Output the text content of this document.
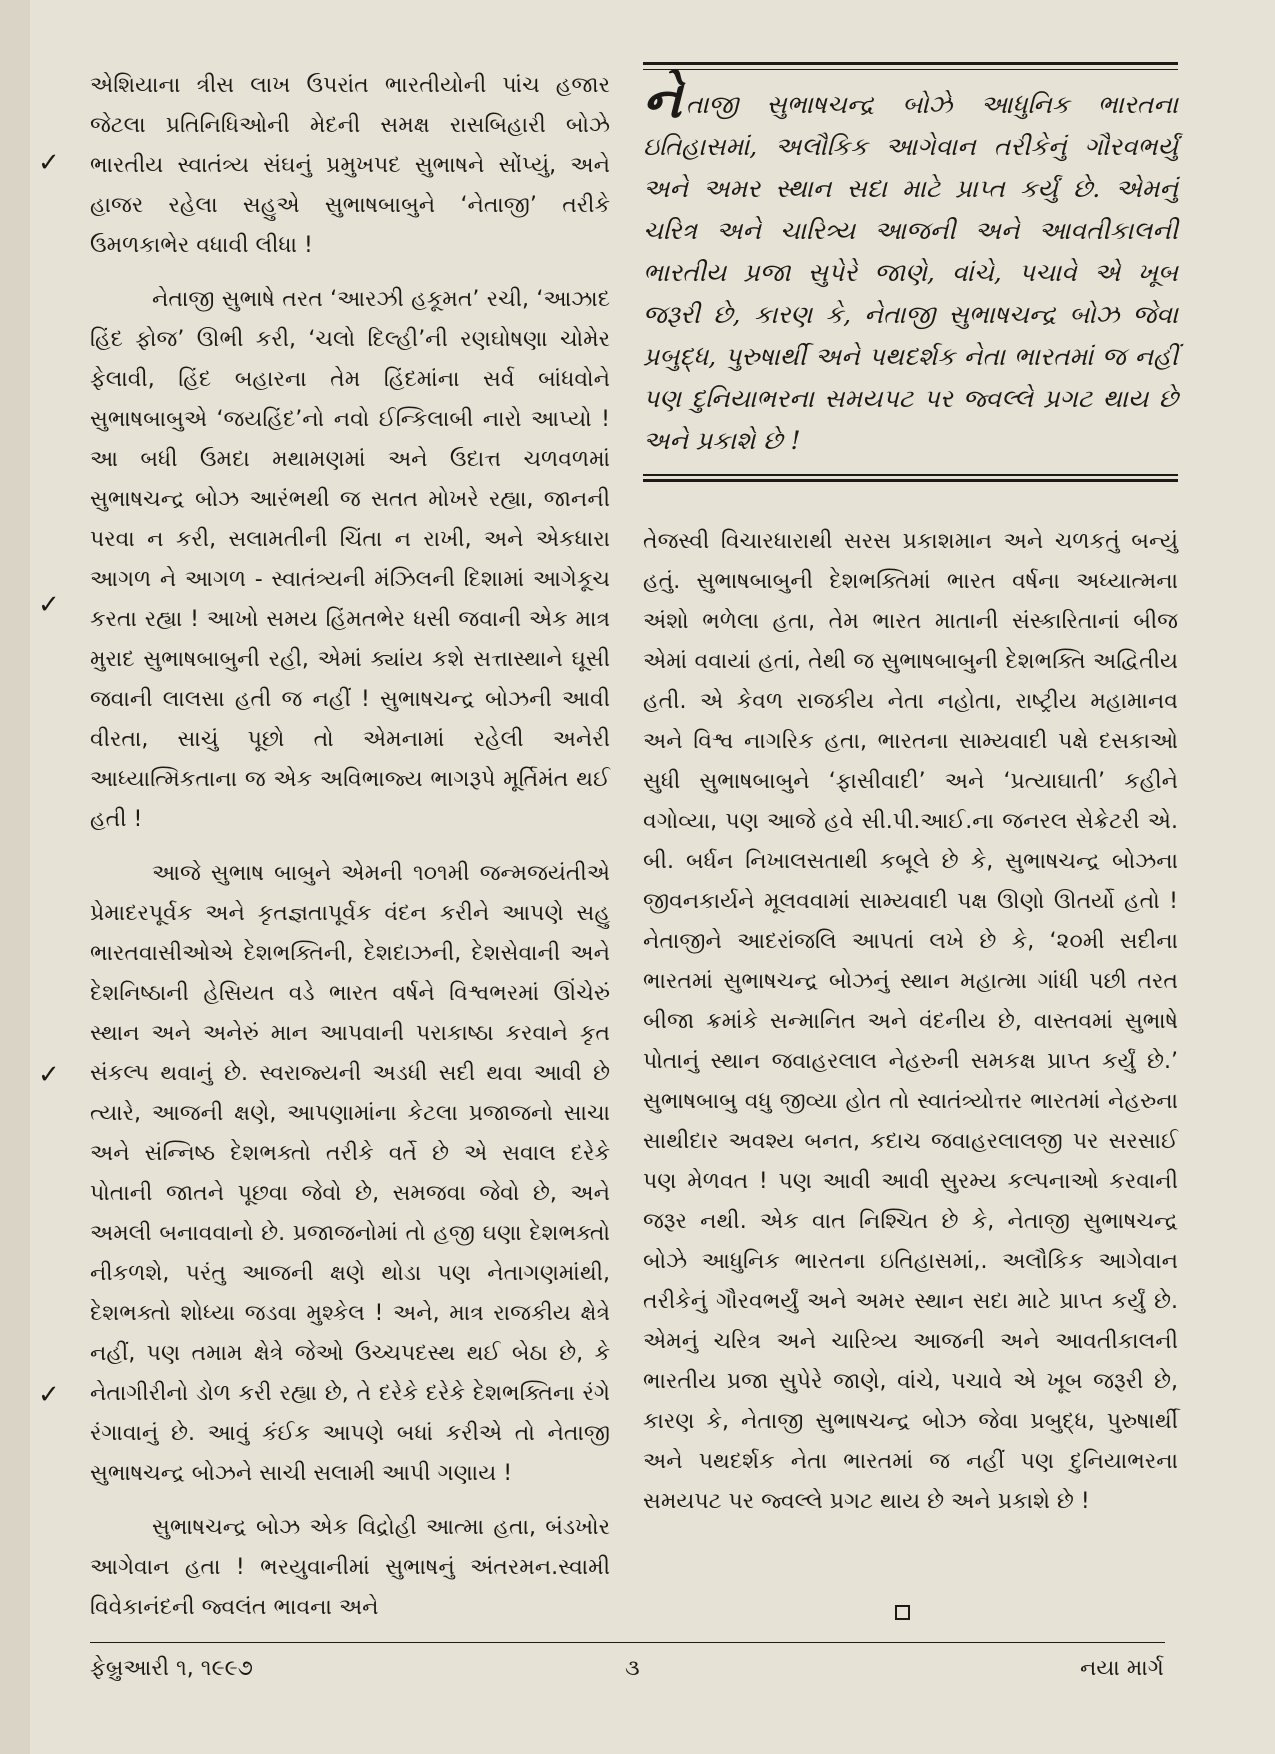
✓
✓
✓
✓

એશિયાના ત્રીસ લાખ ઉપરાંત ભારતીયોની પાંચ હજાર જેટલા પ્રતિનિધિઓની મેદની સમક્ષ રાસબિહારી બોઝે ભારતીય સ્વાતંત્ર્ય સંઘનું પ્રમુખપદ સુભાષને સોંપ્યું, અને હાજર રહેલા સહુએ સુભાષબાબુને ‘નેતાજી’ તરીકે ઉમળકાભેર વધાવી લીધા !

નેતાજી સુભાષે તરત ‘આરઝી હકૂમત’ રચી, ‘આઝાદ હિંદ ફોજ’ ઊભી કરી, ‘ચલો દિલ્હી’ની રણઘોષણા ચોમેર ફેલાવી, હિંદ બહારના તેમ હિંદમાંના સર્વ બાંધવોને સુભાષબાબુએ ‘જયહિંદ’નો નવો ઈન્કિલાબી નારો આપ્યો ! આ બધી ઉમદા મથામણમાં અને ઉદાત્ત ચળવળમાં સુભાષચન્દ્ર બોઝ આરંભથી જ સતત મોખરે રહ્યા, જાનની પરવા ન કરી, સલામતીની ચિંતા ન રાખી, અને એકધારા આગળ ને આગળ - સ્વાતંત્ર્યની મંઝિલની દિશામાં આગેકૂચ કરતા રહ્યા ! આખો સમય હિંમતભેર ધસી જવાની એક માત્ર મુરાદ સુભાષબાબુની રહી, એમાં ક્યાંય કશે સત્તાસ્થાને ઘૂસી જવાની લાલસા હતી જ નહીં ! સુભાષચન્દ્ર બોઝની આવી વીરતા, સાચું પૂછો તો એમનામાં રહેલી અનેરી આધ્યાત્મિકતાના જ એક અવિભાજ્ય ભાગરૂપે મૂર્તિમંત થઈ હતી !

આજે સુભાષ બાબુને એમની ૧૦૧મી જન્મજયંતીએ પ્રેમાદરપૂર્વક અને કૃતજ્ઞતાપૂર્વક વંદન કરીને આપણે સહુ ભારતવાસીઓએ દેશભક્તિની, દેશદાઝની, દેશસેવાની અને દેશનિષ્ઠાની હેસિયત વડે ભારત વર્ષને વિશ્વભરમાં ઊંચેરું સ્થાન અને અનેરું માન આપવાની પરાકાષ્ઠા કરવાને કૃત સંકલ્પ થવાનું છે. સ્વરાજ્યની અડધી સદી થવા આવી છે ત્યારે, આજની ક્ષણે, આપણામાંના કેટલા પ્રજાજનો સાચા અને સંન્નિષ્ઠ દેશભક્તો તરીકે વર્તે છે એ સવાલ દરેકે પોતાની જાતને પૂછવા જેવો છે, સમજવા જેવો છે, અને અમલી બનાવવાનો છે. પ્રજાજનોમાં તો હજી ઘણા દેશભક્તો નીકળશે, પરંતુ આજની ક્ષણે થોડા પણ નેતાગણમાંથી, દેશભક્તો શોધ્યા જડવા મુશ્કેલ ! અને, માત્ર રાજકીય ક્ષેત્રે નહીં, પણ તમામ ક્ષેત્રે જેઓ ઉચ્ચપદસ્થ થઈ બેઠા છે, કે નેતાગીરીનો ડોળ કરી રહ્યા છે, તે દરેકે દરેકે દેશભક્તિના રંગે રંગાવાનું છે. આવું કંઈક આપણે બધાં કરીએ તો નેતાજી સુભાષચન્દ્ર બોઝને સાચી સલામી આપી ગણાય !

સુભાષચન્દ્ર બોઝ એક વિદ્રોહી આત્મા હતા, બંડખોર આગેવાન હતા ! ભરયુવાનીમાં સુભાષનું અંતરમન.સ્વામી વિવેકાનંદની જ્વલંત ભાવના અને

નેતાજી સુભાષચન્દ્ર બોઝે આધુનિક ભારતના ઇતિહાસમાં, અલૌકિક આગેવાન તરીકેનું ગૌરવભર્યું અને અમર સ્થાન સદા માટે પ્રાપ્ત કર્યું છે. એમનું ચરિત્ર અને ચારિત્ર્ય આજની અને આવતીકાલની ભારતીય પ્રજા સુપેરે જાણે, વાંચે, પચાવે એ ખૂબ જરૂરી છે, કારણ કે, નેતાજી સુભાષચન્દ્ર બોઝ જેવા પ્રબુદ્ધ, પુરુષાર્થી અને પથદર્શક નેતા ભારતમાં જ નહીં પણ દુનિયાભરના સમયપટ પર જ્વલ્લે પ્રગટ થાય છે અને પ્રકાશે છે !

તેજસ્વી વિચારધારાથી સરસ પ્રકાશમાન અને ચળકતું બન્યું હતું. સુભાષબાબુની દેશભક્તિમાં ભારત વર્ષના અધ્યાત્મના અંશો ભળેલા હતા, તેમ ભારત માતાની સંસ્કારિતાનાં બીજ એમાં વવાયાં હતાં, તેથી જ સુભાષબાબુની દેશભક્તિ અદ્વિતીય હતી. એ કેવળ રાજકીય નેતા નહોતા, રાષ્ટ્રીય મહામાનવ અને વિશ્વ નાગરિક હતા, ભારતના સામ્યવાદી પક્ષે દસકાઓ સુધી સુભાષબાબુને ‘ફાસીવાદી’ અને ‘પ્રત્યાઘાતી’ કહીને વગોવ્યા, પણ આજે હવે સી.પી.આઈ.ના જનરલ સેક્રેટરી એ. બી. બર્ધન નિખાલસતાથી કબૂલે છે કે, સુભાષચન્દ્ર બોઝના જીવનકાર્યને મૂલવવામાં સામ્યવાદી પક્ષ ઊણો ઊતર્યો હતો ! નેતાજીને આદરાંજલિ આપતાં લખે છે કે, ‘૨૦મી સદીના ભારતમાં સુભાષચન્દ્ર બોઝનું સ્થાન મહાત્મા ગાંધી પછી તરત બીજા ક્રમાંકે સન્માનિત અને વંદનીય છે, વાસ્તવમાં સુભાષે પોતાનું સ્થાન જવાહરલાલ નેહરુની સમકક્ષ પ્રાપ્ત કર્યું છે.’ સુભાષબાબુ વધુ જીવ્યા હોત તો સ્વાતંત્ર્યોત્તર ભારતમાં નેહરુના સાથીદાર અવશ્ય બનત, કદાચ જવાહરલાલજી પર સરસાઈ પણ મેળવત ! પણ આવી આવી સુરમ્ય કલ્પનાઓ કરવાની જરૂર નથી. એક વાત નિશ્ચિત છે કે, નેતાજી સુભાષચન્દ્ર બોઝે આધુનિક ભારતના ઇતિહાસમાં,. અલૌકિક આગેવાન તરીકેનું ગૌરવભર્યું અને અમર સ્થાન સદા માટે પ્રાપ્ત કર્યું છે. એમનું ચરિત્ર અને ચારિત્ર્ય આજની અને આવતીકાલની ભારતીય પ્રજા સુપેરે જાણે, વાંચે, પચાવે એ ખૂબ જરૂરી છે, કારણ કે, નેતાજી સુભાષચન્દ્ર બોઝ જેવા પ્રબુદ્ધ, પુરુષાર્થી અને પથદર્શક નેતા ભારતમાં જ નહીં પણ દુનિયાભરના સમયપટ પર જ્વલ્લે પ્રગટ થાય છે અને પ્રકાશે છે !

ફેબ્રુઆરી ૧, ૧૯૯૭	૩	નયા માર્ગ
